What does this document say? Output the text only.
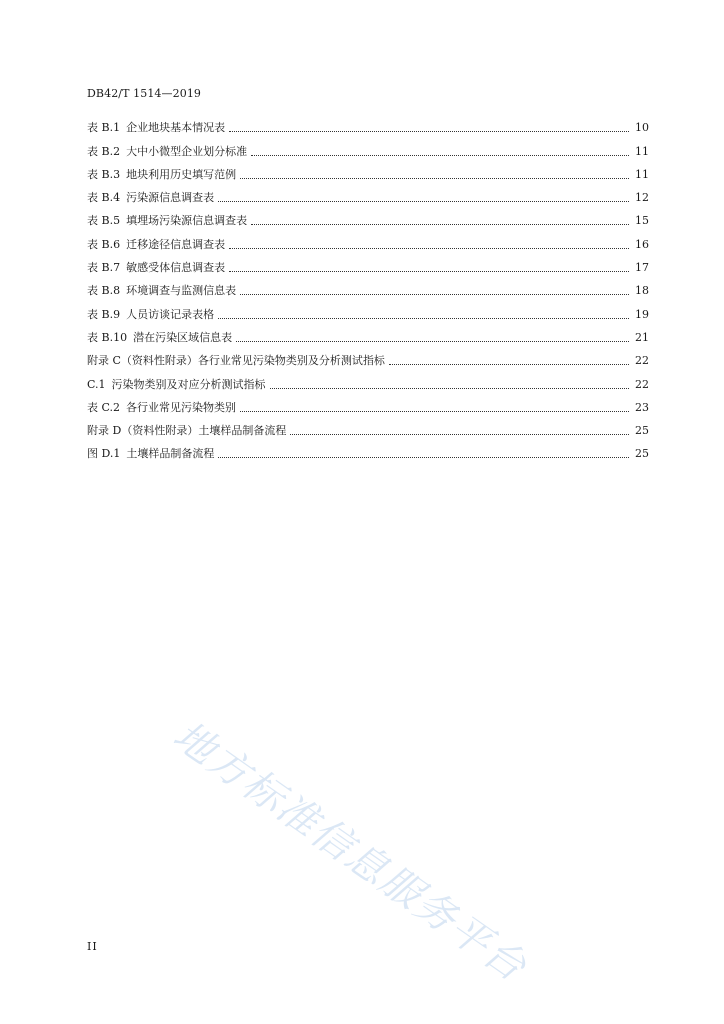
DB42/T 1514—2019
表 B.1 企业地块基本情况表	10
表 B.2 大中小微型企业划分标准	11
表 B.3 地块利用历史填写范例	11
表 B.4 污染源信息调查表	12
表 B.5 填埋场污染源信息调查表	15
表 B.6 迁移途径信息调查表	16
表 B.7 敏感受体信息调查表	17
表 B.8 环境调查与监测信息表	18
表 B.9 人员访谈记录表格	19
表 B.10 潜在污染区域信息表	21
附录 C （资料性附录）各行业常见污染物类别及分析测试指标	22
C.1 污染物类别及对应分析测试指标	22
表 C.2 各行业常见污染物类别	23
附录 D （资料性附录）土壤样品制备流程	25
图 D.1 土壤样品制备流程	25

地方标准信息服务平台

II
